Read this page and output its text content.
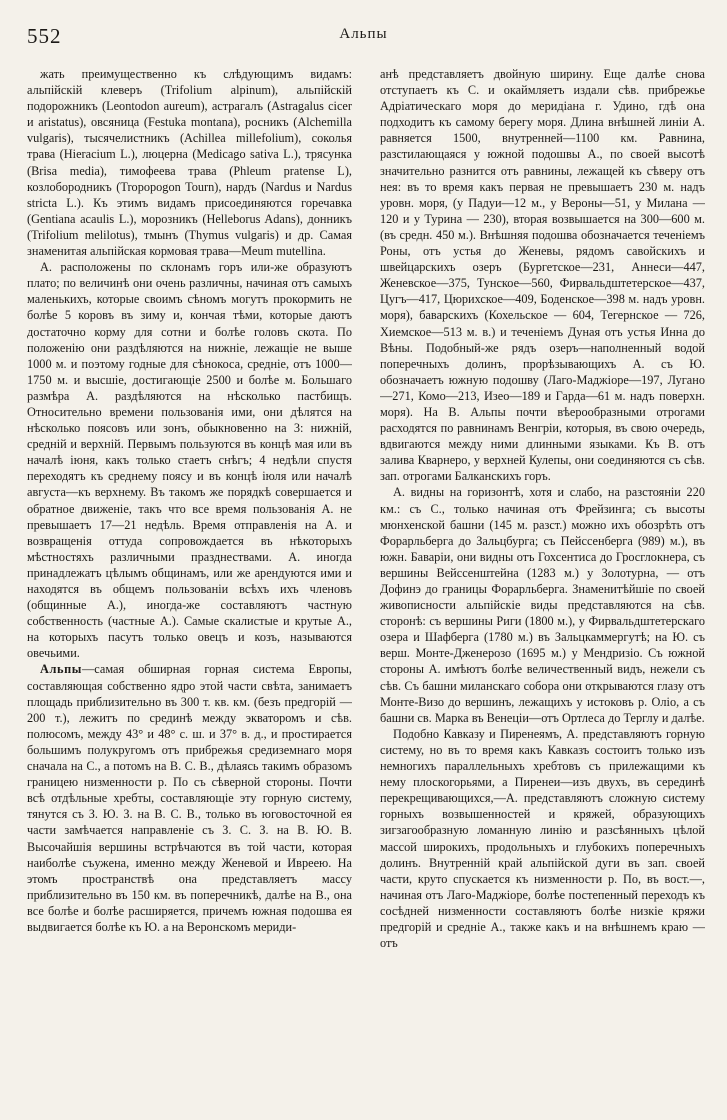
552	Альпы

жать преимущественно къ слѣдующимъ видамъ: альпійскій клеверъ (Trifolium alpinum), альпійскій подорожникъ (Leontodon aureum), астрагалъ (Astragalus cicer и aristatus), овсяница (Festuka montana), росникъ (Alchemilla vulgaris), тысячелистникъ (Achillea millefolium), соколья трава (Hieracium L.), люцерна (Medicago sativa L.), трясунка (Brisa media), тимофеева трава (Phleum pratense L), козлобородникъ (Tropopogon Tourn), нардъ (Nardus и Nardus stricta L.). Къ этимъ видамъ присоединяются горечавка (Gentiana acaulis L.), морозникъ (Helleborus Adans), донникъ (Trifolium melilotus), тмынъ (Thymus vulgaris) и др. Самая знаменитая альпійская кормовая трава—Meum mutellina.

А. расположены по склонамъ горъ или-же образуютъ плато; по величинѣ они очень различны, начиная отъ самыхъ маленькихъ, которые своимъ сѣномъ могутъ прокормить не болѣе 5 коровъ въ зиму и, кончая тѣми, которые даютъ достаточно корму для сотни и болѣе головъ скота. По положенію они раздѣляются на нижніе, лежащіе не выше 1000 м. и поэтому годные для сѣнокоса, средніе, отъ 1000—1750 м. и высшіе, достигающіе 2500 и болѣе м. Большаго размѣра А. раздѣляются на нѣсколько пастбищъ. Относительно времени пользованія ими, они дѣлятся на нѣсколько поясовъ или зонъ, обыкновенно на 3: нижній, средній и верхній. Первымъ пользуются въ концѣ мая или въ началѣ іюня, какъ только стаетъ снѣгъ; 4 недѣли спустя переходятъ къ среднему поясу и въ концѣ іюля или началѣ августа—къ верхнему. Въ такомъ же порядкѣ совершается и обратное движеніе, такъ что все время пользованія А. не превышаетъ 17—21 недѣль. Время отправленія на А. и возвращенія оттуда сопровождается въ нѣкоторыхъ мѣстностяхъ различными празднествами. А. иногда принадлежатъ цѣлымъ общинамъ, или же арендуются ими и находятся въ общемъ пользованіи всѣхъ ихъ членовъ (общинные А.), иногда-же составляютъ частную собственность (частные А.). Самые скалистые и крутые А., на которыхъ пасутъ только овецъ и козъ, называются овечьими.

Альпы—самая обширная горная система Европы, составляющая собственно ядро этой части свѣта, занимаетъ площадь приблизительно въ 300 т. кв. км. (безъ предгорій — 200 т.), лежитъ по срединѣ между экваторомъ и сѣв. полюсомъ, между 43° и 48° с. ш. и 37° в. д., и простирается большимъ полукругомъ отъ прибрежья средиземнаго моря сначала на С., а потомъ на В. С. В., дѣлаясь такимъ образомъ границею низменности р. По съ сѣверной стороны. Почти всѣ отдѣльные хребты, составляющіе эту горную систему, тянутся съ З. Ю. З. на В. С. В., только въ юговосточной ея части замѣчается направленіе съ З. С. З. на В. Ю. В. Высочайшія вершины встрѣчаются въ той части, которая наиболѣе съужена, именно между Женевой и Ивреею. На этомъ пространствѣ она представляетъ массу приблизительно въ 150 км. въ поперечникѣ, далѣе на В., она все болѣе и болѣе расширяется, причемъ южная подошва ея выдвигается болѣе къ Ю. а на Веронскомъ мериди-

анѣ представляетъ двойную ширину. Еще далѣе снова отступаетъ къ С. и окаймляетъ издали сѣв. прибрежье Адріатическаго моря до меридіана г. Удино, гдѣ она подходитъ къ самому берегу моря. Длина внѣшней линіи А. равняется 1500, внутренней—1100 км. Равнина, разстилающаяся у южной подошвы А., по своей высотѣ значительно разнится отъ равнины, лежащей къ сѣверу отъ нея: въ то время какъ первая не превышаетъ 230 м. надъ уровн. моря, (у Падуи—12 м., у Вероны—51, у Милана — 120 и у Турина — 230), вторая возвышается на 300—600 м. (въ средн. 450 м.). Внѣшняя подошва обозначается теченіемъ Роны, отъ устья до Женевы, рядомъ савойскихъ и швейцарскихъ озеръ (Бургетское—231, Аннеси—447, Женевское—375, Тунское—560, Фирвальдштетерское—437, Цугъ—417, Цюрихское—409, Боденское—398 м. надъ уровн. моря), баварскихъ (Кохельское — 604, Тегернское — 726, Хиемское—513 м. в.) и теченіемъ Дуная отъ устья Инна до Вѣны. Подобный-же рядъ озеръ—наполненный водой поперечныхъ долинъ, прорѣзывающихъ А. съ Ю. обозначаетъ южную подошву (Лаго-Маджіоре—197, Лугано—271, Комо—213, Изео—189 и Гарда—61 м. надъ поверхн. моря). На В. Альпы почти вѣерообразными отрогами расходятся по равнинамъ Венгріи, которыя, въ свою очередь, вдвигаются между ними длинными языками. Къ В. отъ залива Кварнеро, у верхней Кулепы, они соединяются съ сѣв. зап. отрогами Балканскихъ горъ.

А. видны на горизонтѣ, хотя и слабо, на разстояніи 220 км.: съ С., только начиная отъ Фрейзинга; съ высоты мюнхенской башни (145 м. разст.) можно ихъ обозрѣть отъ Форарльберга до Зальцбурга; съ Пейссенберга (989) м.), въ южн. Баваріи, они видны отъ Гохсентиса до Гросглокнера, съ вершины Вейссенштейна (1283 м.) у Золотурна, — отъ Дофинэ до границы Форарльберга. Знаменитѣйшіе по своей живописности альпійскіе виды представляются на сѣв. сторонѣ: съ вершины Риги (1800 м.), у Фирвальдштетерскаго озера и Шафберга (1780 м.) въ Зальцкаммергутѣ; на Ю. съ верш. Монте-Дженерозо (1695 м.) у Мендризіо. Съ южной стороны А. имѣютъ болѣе величественный видъ, нежели съ сѣв. Съ башни миланскаго собора они открываются глазу отъ Монте-Визо до вершинъ, лежащихъ у истоковъ р. Оліо, а съ башни св. Марка въ Венеціи—отъ Ортлеса до Терглу и далѣе.

Подобно Кавказу и Пиренеямъ, А. представляютъ горную систему, но въ то время какъ Кавказъ состоитъ только изъ немногихъ параллельныхъ хребтовъ съ прилежащими къ нему плоскогорьями, а Пиренеи—изъ двухъ, въ серединѣ перекрещивающихся,—А. представляютъ сложную систему горныхъ возвышенностей и кряжей, образующихъ зигзагообразную ломанную линію и разсѣянныхъ цѣлой массой широкихъ, продольныхъ и глубокихъ поперечныхъ долинъ. Внутренній край альпійской дуги въ зап. своей части, круто спускается къ низменности р. По, въ вост.—, начиная отъ Лаго-Маджіоре, болѣе постепенный переходъ къ сосѣдней низменности составляютъ болѣе низкіе кряжи предгорій и средніе А., также какъ и на внѣшнемъ краю — отъ
